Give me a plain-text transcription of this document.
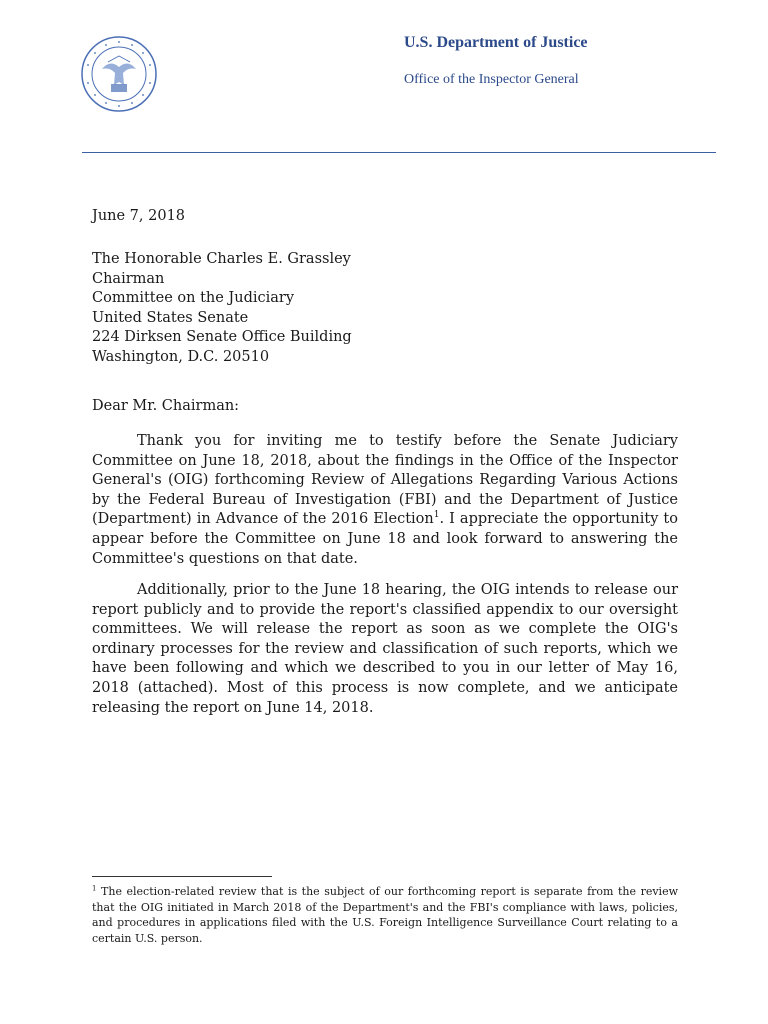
U.S. Department of Justice
Office of the Inspector General
June 7, 2018
The Honorable Charles E. Grassley
Chairman
Committee on the Judiciary
United States Senate
224 Dirksen Senate Office Building
Washington, D.C. 20510
Dear Mr. Chairman:
Thank you for inviting me to testify before the Senate Judiciary Committee on June 18, 2018, about the findings in the Office of the Inspector General's (OIG) forthcoming Review of Allegations Regarding Various Actions by the Federal Bureau of Investigation (FBI) and the Department of Justice (Department) in Advance of the 2016 Election$^1$. I appreciate the opportunity to appear before the Committee on June 18 and look forward to answering the Committee's questions on that date.
Additionally, prior to the June 18 hearing, the OIG intends to release our report publicly and to provide the report's classified appendix to our oversight committees. We will release the report as soon as we complete the OIG's ordinary processes for the review and classification of such reports, which we have been following and which we described to you in our letter of May 16, 2018 (attached). Most of this process is now complete, and we anticipate releasing the report on June 14, 2018.
$^1$ The election-related review that is the subject of our forthcoming report is separate from the review that the OIG initiated in March 2018 of the Department's and the FBI's compliance with laws, policies, and procedures in applications filed with the U.S. Foreign Intelligence Surveillance Court relating to a certain U.S. person.
